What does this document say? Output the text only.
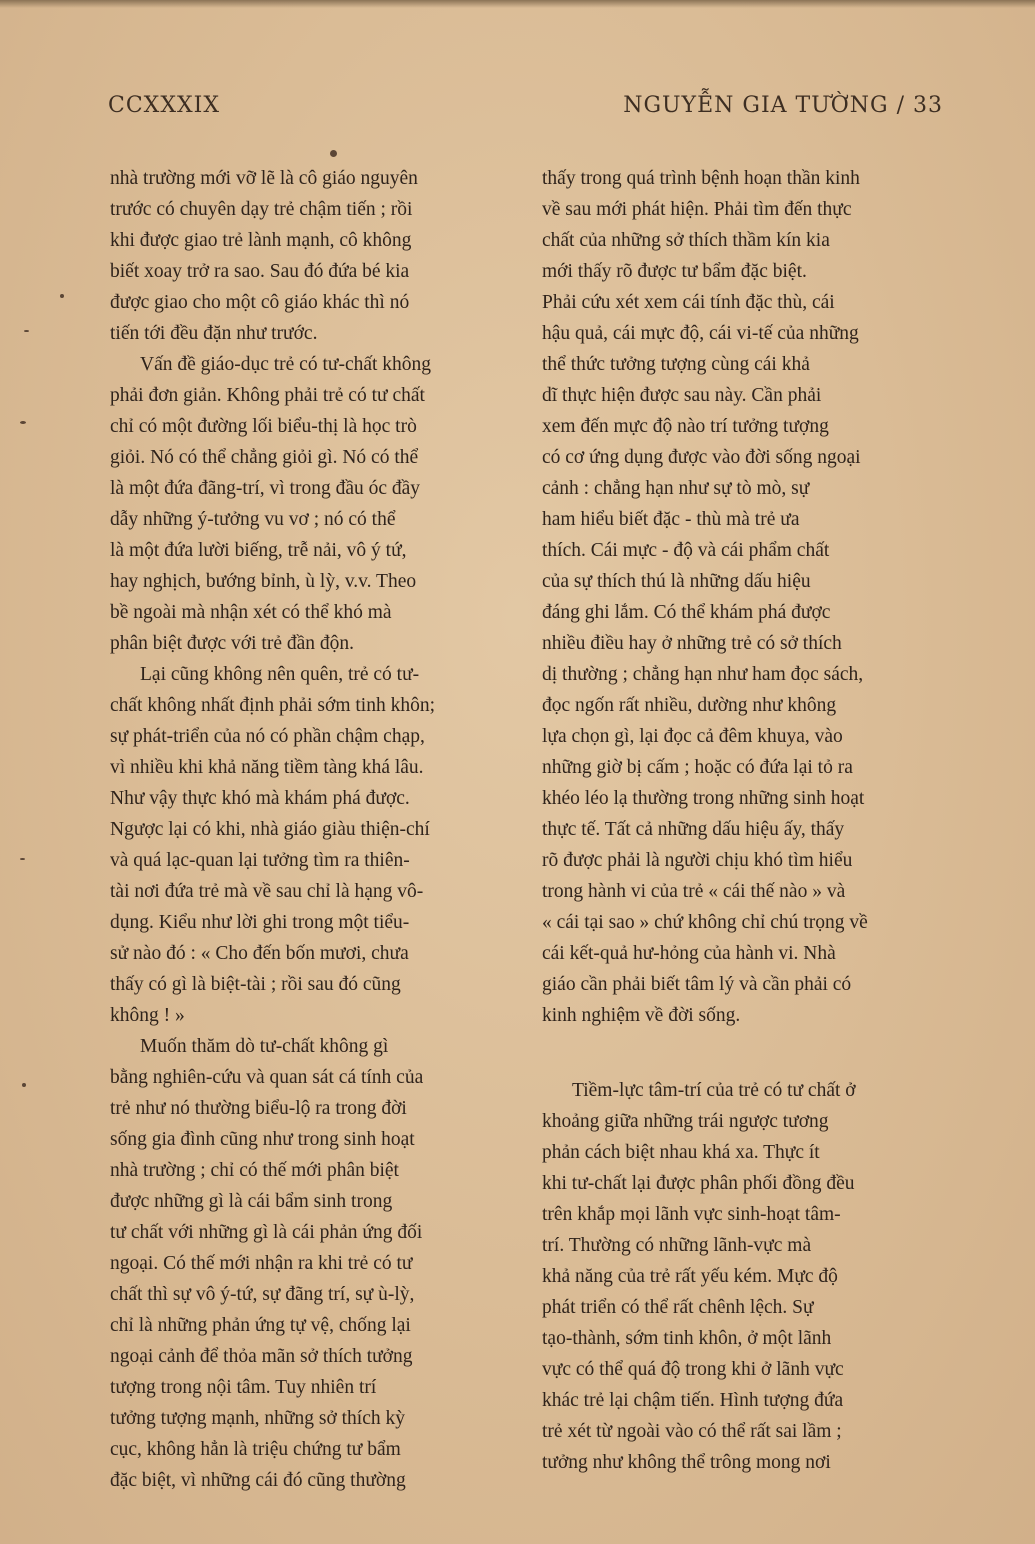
CCXXXIX	NGUYỄN GIA TƯỜNG / 33
nhà trường mới vỡ lẽ là cô giáo nguyên
trước có chuyên dạy trẻ chậm tiến ; rồi
khi được giao trẻ lành mạnh, cô không
biết xoay trở ra sao. Sau đó đứa bé kia
được giao cho một cô giáo khác thì nó
tiến tới đều đặn như trước.
Vấn đề giáo-dục trẻ có tư-chất không
phải đơn giản. Không phải trẻ có tư chất
chỉ có một đường lối biểu-thị là học trò
giỏi. Nó có thể chẳng giỏi gì. Nó có thể
là một đứa đãng-trí, vì trong đầu óc đầy
dẫy những ý-tưởng vu vơ ; nó có thể
là một đứa lười biếng, trễ nải, vô ý tứ,
hay nghịch, bướng bỉnh, ù lỳ, v.v. Theo
bề ngoài mà nhận xét có thể khó mà
phân biệt được với trẻ đần độn.
Lại cũng không nên quên, trẻ có tư-
chất không nhất định phải sớm tinh khôn;
sự phát-triển của nó có phần chậm chạp,
vì nhiều khi khả năng tiềm tàng khá lâu.
Như vậy thực khó mà khám phá được.
Ngược lại có khi, nhà giáo giàu thiện-chí
và quá lạc-quan lại tưởng tìm ra thiên-
tài nơi đứa trẻ mà về sau chỉ là hạng vô-
dụng. Kiểu như lời ghi trong một tiểu-
sử nào đó : « Cho đến bốn mươi, chưa
thấy có gì là biệt-tài ; rồi sau đó cũng
không ! »
Muốn thăm dò tư-chất không gì
bằng nghiên-cứu và quan sát cá tính của
trẻ như nó thường biểu-lộ ra trong đời
sống gia đình cũng như trong sinh hoạt
nhà trường ; chỉ có thế mới phân biệt
được những gì là cái bẩm sinh trong
tư chất với những gì là cái phản ứng đối
ngoại. Có thế mới nhận ra khi trẻ có tư
chất thì sự vô ý-tứ, sự đãng trí, sự ù-lỳ,
chỉ là những phản ứng tự vệ, chống lại
ngoại cảnh để thỏa mãn sở thích tưởng
tượng trong nội tâm. Tuy nhiên trí
tưởng tượng mạnh, những sở thích kỳ
cục, không hẳn là triệu chứng tư bẩm
đặc biệt, vì những cái đó cũng thường
thấy trong quá trình bệnh hoạn thần kinh
về sau mới phát hiện. Phải tìm đến thực
chất của những sở thích thầm kín kia
mới thấy rõ được tư bẩm đặc biệt.
Phải cứu xét xem cái tính đặc thù, cái
hậu quả, cái mực độ, cái vi-tế của những
thể thức tưởng tượng cùng cái khả
dĩ thực hiện được sau này. Cần phải
xem đến mực độ nào trí tưởng tượng
có cơ ứng dụng được vào đời sống ngoại
cảnh : chẳng hạn như sự tò mò, sự
ham hiểu biết đặc - thù mà trẻ ưa
thích. Cái mực - độ và cái phẩm chất
của sự thích thú là những dấu hiệu
đáng ghi lắm. Có thể khám phá được
nhiều điều hay ở những trẻ có sở thích
dị thường ; chẳng hạn như ham đọc sách,
đọc ngốn rất nhiều, dường như không
lựa chọn gì, lại đọc cả đêm khuya, vào
những giờ bị cấm ; hoặc có đứa lại tỏ ra
khéo léo lạ thường trong những sinh hoạt
thực tế. Tất cả những dấu hiệu ấy, thấy
rõ được phải là người chịu khó tìm hiểu
trong hành vi của trẻ « cái thế nào » và
« cái tại sao » chứ không chỉ chú trọng về
cái kết-quả hư-hỏng của hành vi. Nhà
giáo cần phải biết tâm lý và cần phải có
kinh nghiệm về đời sống.
Tiềm-lực tâm-trí của trẻ có tư chất ở
khoảng giữa những trái ngược tương
phản cách biệt nhau khá xa. Thực ít
khi tư-chất lại được phân phối đồng đều
trên khắp mọi lãnh vực sinh-hoạt tâm-
trí. Thường có những lãnh-vực mà
khả năng của trẻ rất yếu kém. Mực độ
phát triển có thể rất chênh lệch. Sự
tạo-thành, sớm tinh khôn, ở một lãnh
vực có thể quá độ trong khi ở lãnh vực
khác trẻ lại chậm tiến. Hình tượng đứa
trẻ xét từ ngoài vào có thể rất sai lầm ;
tưởng như không thể trông mong nơi
